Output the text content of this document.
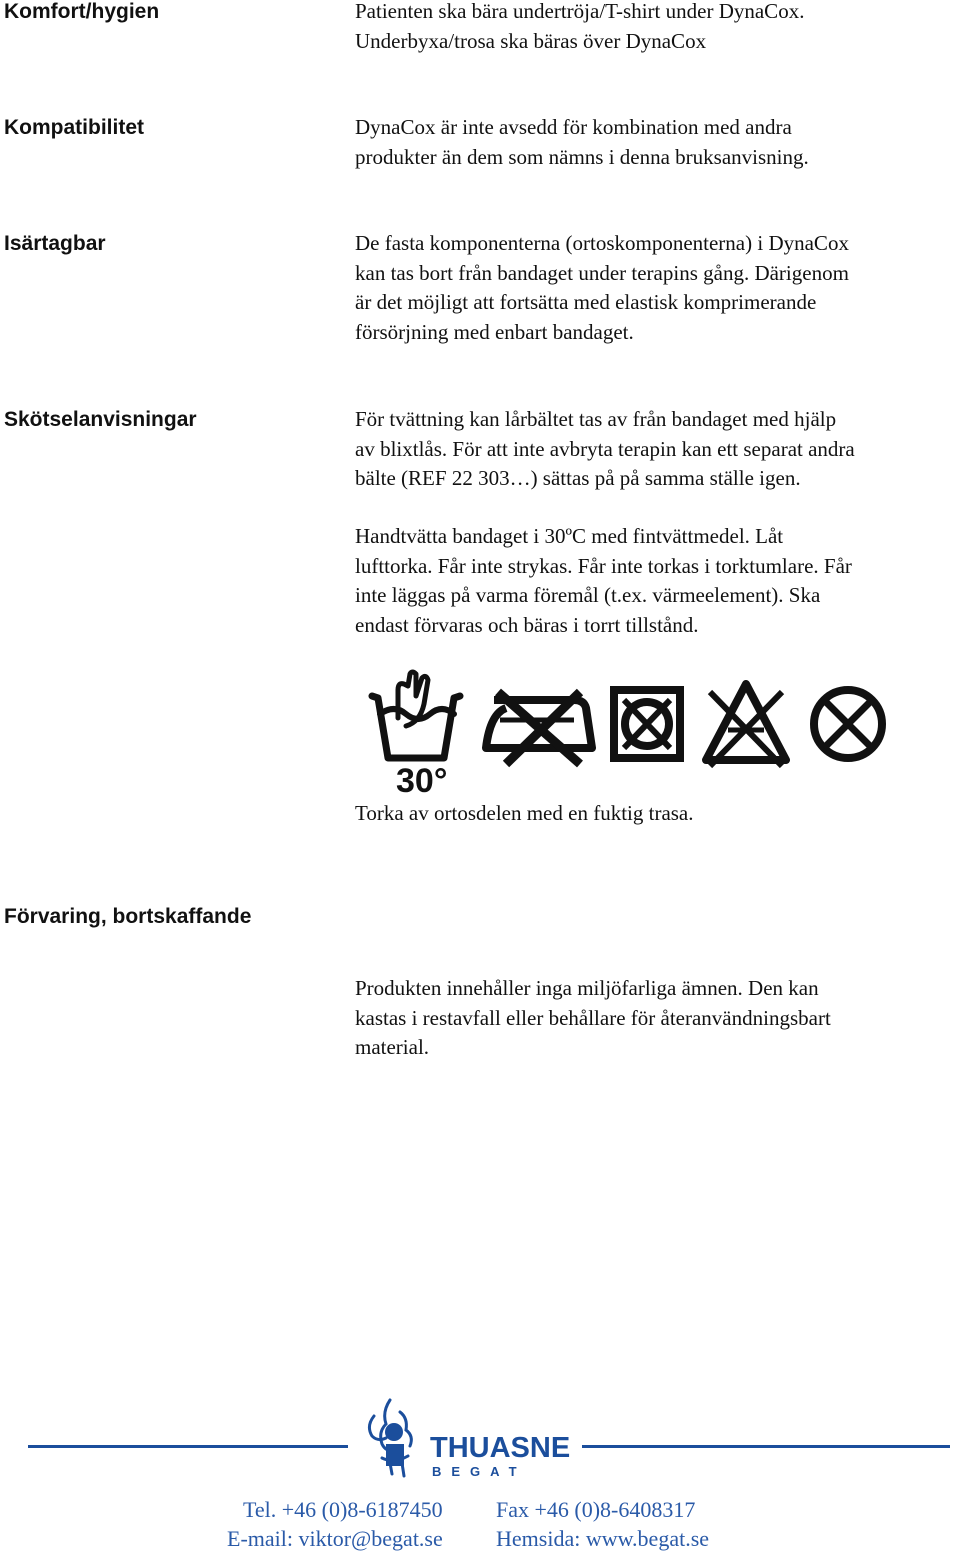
Komfort/hygien	Patienten ska bära undertröja/T-shirt under DynaCox.
Underbyxa/trosa ska bäras över DynaCox

Kompatibilitet	DynaCox är inte avsedd för kombination med andra
produkter än dem som nämns i denna bruksanvisning.

Isärtagbar	De fasta komponenterna (ortoskomponenterna) i DynaCox
kan tas bort från bandaget under terapins gång. Därigenom
är det möjligt att fortsätta med elastisk komprimerande
försörjning med enbart bandaget.

Skötselanvisningar	För tvättning kan lårbältet tas av från bandaget med hjälp
av blixtlås. För att inte avbryta terapin kan ett separat andra
bälte (REF 22 303…) sättas på på samma ställe igen.

Handtvätta bandaget i 30ºC med fintvättmedel. Låt
lufttorka. Får inte strykas. Får inte torkas i torktumlare. Får
inte läggas på varma föremål (t.ex. värmeelement). Ska
endast förvaras och bäras i torrt tillstånd.

30°

Torka av ortosdelen med en fuktig trasa.

Förvaring, bortskaffande

Produkten innehåller inga miljöfarliga ämnen. Den kan
kastas i restavfall eller behållare för återanvändningsbart
material.

THUASNE
BEGAT
Tel. +46 (0)8-6187450 Fax +46 (0)8-6408317
E-mail: viktor@begat.se Hemsida: www.begat.se
